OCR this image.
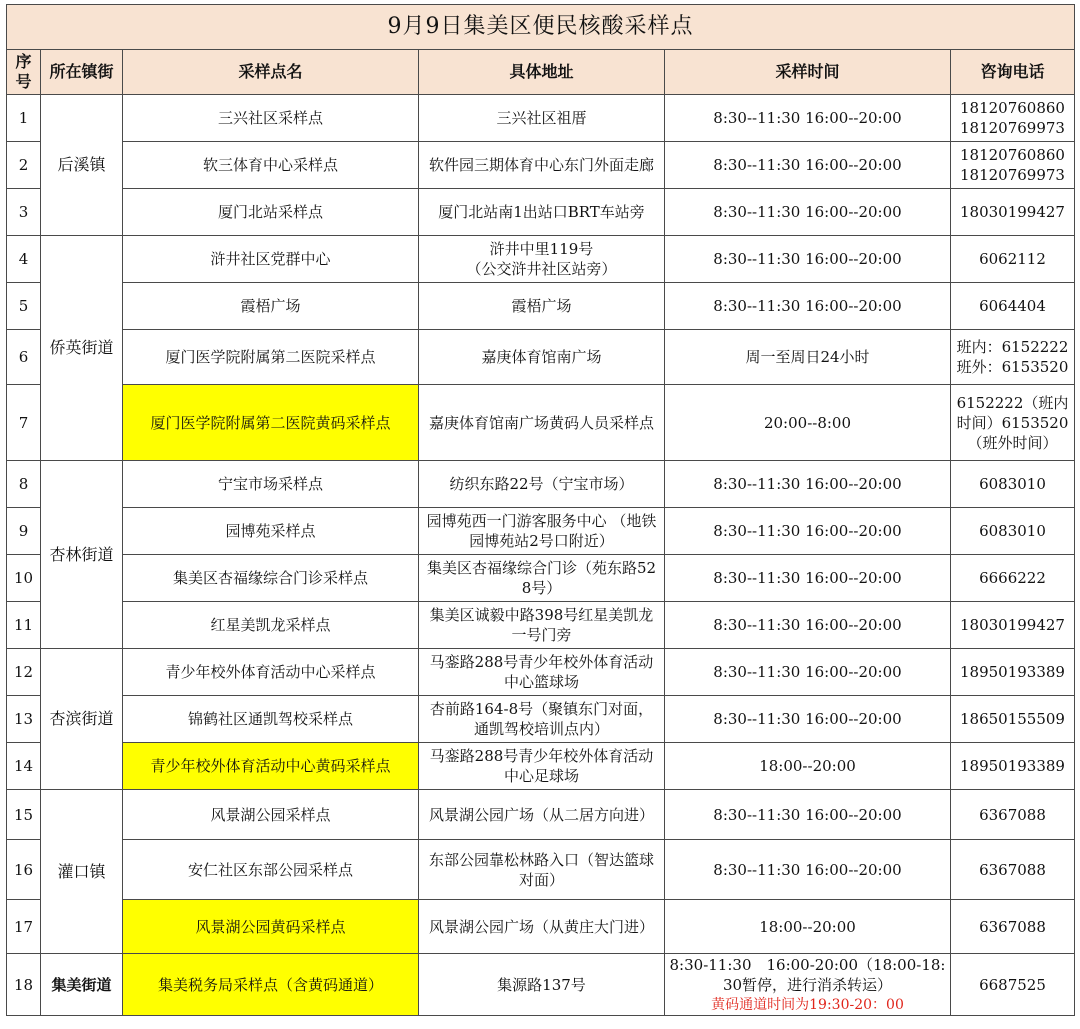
9月9日集美区便民核酸采样点					
序号	所在镇街	采样点名	具体地址	采样时间	咨询电话
1	后溪镇	三兴社区采样点	三兴社区祖厝	8:30--11:30 16:00--20:00	18120760860
18120769973

2		软三体育中心采样点	软件园三期体育中心东门外面走廊	8:30--11:30 16:00--20:00	18120760860
18120769973

3		厦门北站采样点	厦门北站南1出站口BRT车站旁	8:30--11:30 16:00--20:00	18030199427
4	侨英街道	浒井社区党群中心	浒井中里119号
（公交浒井社区站旁）	8:30--11:30 16:00--20:00	6062112
5		霞梧广场	霞梧广场	8:30--11:30 16:00--20:00	6064404
6		厦门医学院附属第二医院采样点	嘉庚体育馆南广场	周一至周日24小时	班内：6152222
班外：6153520

7		厦门医学院附属第二医院黄码采样点	嘉庚体育馆南广场黄码人员采样点	20:00--8:00	6152222（班内时间）6153520（班外时间）
8	杏林街道	宁宝市场采样点	纺织东路22号（宁宝市场）	8:30--11:30 16:00--20:00	6083010
9		园博苑采样点	园博苑西一门游客服务中心 （地铁园博苑站2号口附近）	8:30--11:30 16:00--20:00	6083010
10		集美区杏福缘综合门诊采样点	集美区杏福缘综合门诊（苑东路528号）	8:30--11:30 16:00--20:00	6666222
11		红星美凯龙采样点	集美区诚毅中路398号红星美凯龙一号门旁	8:30--11:30 16:00--20:00	18030199427
12	杏滨街道	青少年校外体育活动中心采样点	马銮路288号青少年校外体育活动中心篮球场	8:30--11:30 16:00--20:00	18950193389
13		锦鹤社区通凯驾校采样点	杏前路164-8号（聚镇东门对面，通凯驾校培训点内）	8:30--11:30 16:00--20:00	18650155509
14		青少年校外体育活动中心黄码采样点	马銮路288号青少年校外体育活动中心足球场	18:00--20:00	18950193389
15	灌口镇	风景湖公园采样点	风景湖公园广场（从二居方向进）	8:30--11:30 16:00--20:00	6367088
16		安仁社区东部公园采样点	东部公园靠松林路入口（智达篮球对面）	8:30--11:30 16:00--20:00	6367088
17		风景湖公园黄码采样点	风景湖公园广场（从黄庄大门进）	18:00--20:00	6367088
18	集美街道	集美税务局采样点（含黄码通道）	集源路137号	8:30-11:30　16:00-20:00（18:00-18:30暂停，进行消杀转运）
黄码通道时间为19:30-20：00	6687525
